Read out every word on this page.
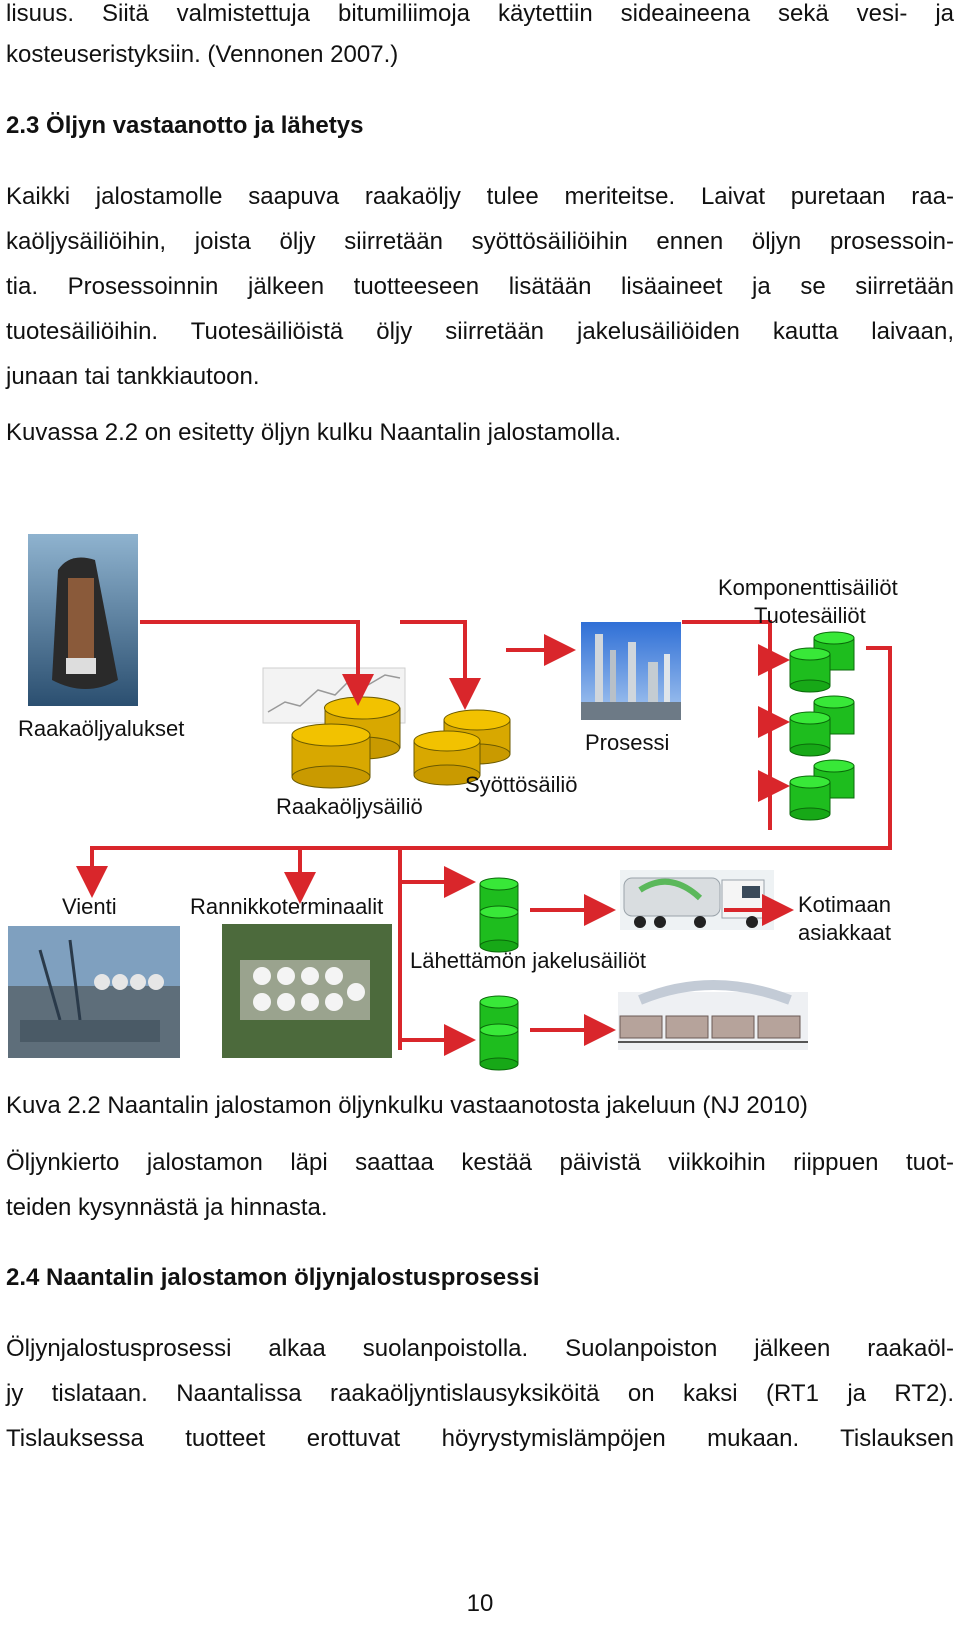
lisuus. Siitä valmistettuja bitumiliimoja käytettiin sideaineena sekä vesi- ja
kosteuseristyksiin. (Vennonen 2007.)
2.3 Öljyn vastaanotto ja lähetys
Kaikki jalostamolle saapuva raakaöljy tulee meriteitse. Laivat puretaan raa-
kaöljysäiliöihin, joista öljy siirretään syöttösäiliöihin ennen öljyn prosessoin-
tia. Prosessoinnin jälkeen tuotteeseen lisätään lisäaineet ja se siirretään
tuotesäiliöihin. Tuotesäiliöistä öljy siirretään jakelusäiliöiden kautta laivaan,
junaan tai tankkiautoon.
Kuvassa 2.2 on esitetty öljyn kulku Naantalin jalostamolla.
Raakaöljyalukset
Raakaöljysäiliö
Syöttösäiliö
Prosessi
Komponenttisäiliöt
Tuotesäiliöt
Vienti	Rannikkoterminaalit
Lähettämön jakelusäiliöt
Kotimaan
asiakkaat
Kuva 2.2 Naantalin jalostamon öljynkulku vastaanotosta jakeluun (NJ 2010)
Öljynkierto jalostamon läpi saattaa kestää päivistä viikkoihin riippuen tuot-
teiden kysynnästä ja hinnasta.
2.4 Naantalin jalostamon öljynjalostusprosessi
Öljynjalostusprosessi alkaa suolanpoistolla. Suolanpoiston jälkeen raakaöl-
jy tislataan. Naantalissa raakaöljyntislausyksiköitä on kaksi (RT1 ja RT2).
Tislauksessa tuotteet erottuvat höyrystymislämpöjen mukaan. Tislauksen
10
